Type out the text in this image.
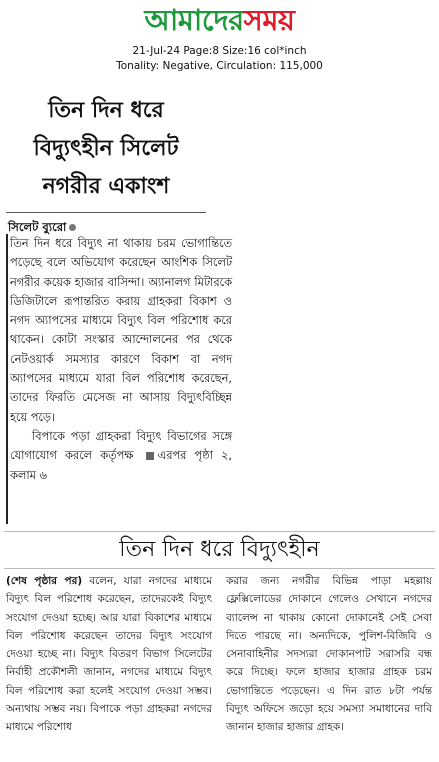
আমাদেরসময়
21-Jul-24 Page:8 Size:16 col*inch
Tonality: Negative, Circulation: 115,000
তিন দিন ধরে
বিদ্যুৎহীন সিলেট
নগরীর একাংশ
সিলেট ব্যুরো

তিন দিন ধরে বিদ্যুৎ না থাকায় চরম ভোগান্তিতে পড়েছে বলে অভিযোগ করেছেন আংশিক সিলেট নগরীর কয়েক হাজার বাসিন্দা। অ্যানালগ মিটারকে ডিজিটালে রূপান্তরিত করায় গ্রাহকরা বিকাশ ও নগদ অ্যাপসের মাধ্যমে বিদ্যুৎ বিল পরিশোধ করে থাকেন। কোটা সংস্কার আন্দোলনের পর থেকে নেটওয়ার্ক সমস্যার কারণে বিকাশ বা নগদ অ্যাপসের মাধ্যমে যারা বিল পরিশোধ করেছেন, তাদের ফিরতি মেসেজ না আসায় বিদ্যুৎবিচ্ছিন্ন হয়ে পড়ে।

বিপাকে পড়া গ্রাহকরা বিদ্যুৎ বিভাগের সঙ্গে যোগাযোগ করলে কর্তৃপক্ষ এরপর পৃষ্ঠা ২, কলাম ৬

তিন দিন ধরে বিদ্যুৎহীন
(শেষ পৃষ্ঠার পর) বলেন, যারা নগদের মাধ্যমে বিদ্যুৎ বিল পরিশোধ করেছেন, তাদেরকেই বিদ্যুৎ সংযোগ দেওয়া হচ্ছে। আর যারা বিকাশের মাধ্যমে বিল পরিশোধ করেছেন তাদের বিদ্যুৎ সংযোগ দেওয়া হচ্ছে না। বিদ্যুৎ বিতরণ বিভাগ সিলেটের নির্বাহী প্রকৌশলী জানান, নগদের মাধ্যমে বিদ্যুৎ বিল পরিশোধ করা হলেই সংযোগ দেওয়া সম্ভব। অন্যথায় সম্ভব নয়। বিপাকে পড়া গ্রাহকরা নগদের মাধ্যমে পরিশোধ
করার জন্য নগরীর বিভিন্ন পাড়া মহল্লায় ফ্লেক্সিলোডের দোকানে গেলেও সেখানে নগদের ব্যালেন্স না থাকায় কোনো দোকানেই সেই সেবা দিতে পারছে না। অন্যদিকে, পুলিশ-বিজিবি ও সেনাবাহিনীর সদস্যরা দোকানপাট সরাসরি বন্ধ করে দিচ্ছে। ফলে হাজার হাজার গ্রাহক চরম ভোগান্তিতে পড়েছেন। এ দিন রাত ৮টা পর্যন্ত বিদ্যুৎ অফিসে জড়ো হয়ে সমস্যা সমাধানের দাবি জানান হাজার হাজার গ্রাহক।
